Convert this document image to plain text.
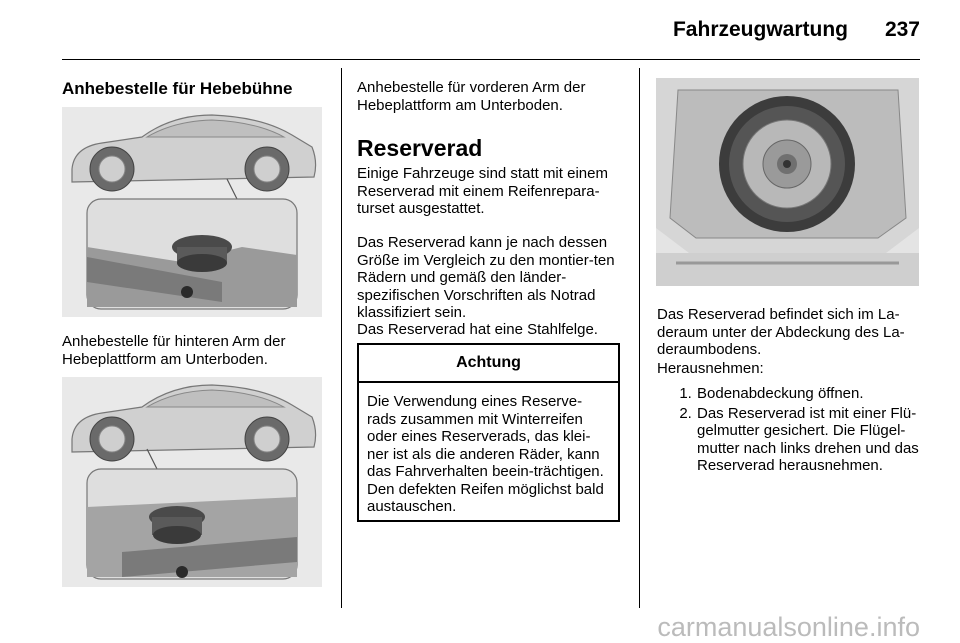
Fahrzeugwartung 237
Anhebestelle für Hebebühne

Anhebestelle für hinteren Arm der Hebeplattform am Unterboden.

Anhebestelle für vorderen Arm der Hebeplattform am Unterboden.

Reserverad

Einige Fahrzeuge sind statt mit einem Reserverad mit einem Reifenrepara-turset ausgestattet.

Das Reserverad kann je nach dessen Größe im Vergleich zu den montier-ten Rädern und gemäß den länder-spezifischen Vorschriften als Notrad klassifiziert sein.

Das Reserverad hat eine Stahlfelge.

Achtung

Die Verwendung eines Reserve-rads zusammen mit Winterreifen oder eines Reserverads, das klei-ner ist als die anderen Räder, kann das Fahrverhalten beein-trächtigen. Den defekten Reifen möglichst bald austauschen.

Das Reserverad befindet sich im La-deraum unter der Abdeckung des La-deraumbodens.

Herausnehmen:

1. Bodenabdeckung öffnen.
2. Das Reserverad ist mit einer Flü-gelmutter gesichert. Die Flügel-mutter nach links drehen und das Reserverad herausnehmen.
carmanualsonline.info
